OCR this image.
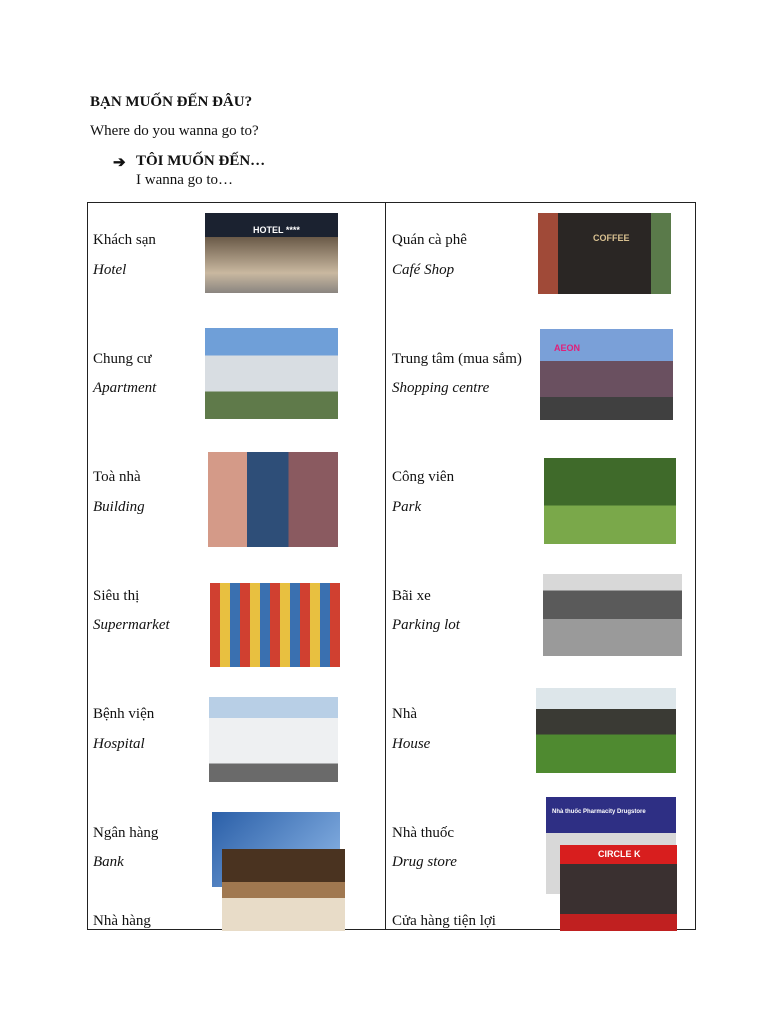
BẠN MUỐN ĐẾN ĐÂU?
Where do you wanna go to?
➔ TÔI MUỐN ĐẾN…
I wanna go to…
Khách sạn
Hotel
Chung cư
Apartment
Toà nhà
Building
Siêu thị
Supermarket
Bệnh viện
Hospital
Ngân hàng
Bank
Nhà hàng
Quán cà phê
Café Shop
Trung tâm (mua sắm)
Shopping centre
Công viên
Park
Bãi xe
Parking lot
Nhà
House
Nhà thuốc
Drug store
Cửa hàng tiện lợi
HOTEL ****
COFFEE
AEON
Nhà thuốc Pharmacity Drugstore
CIRCLE K
